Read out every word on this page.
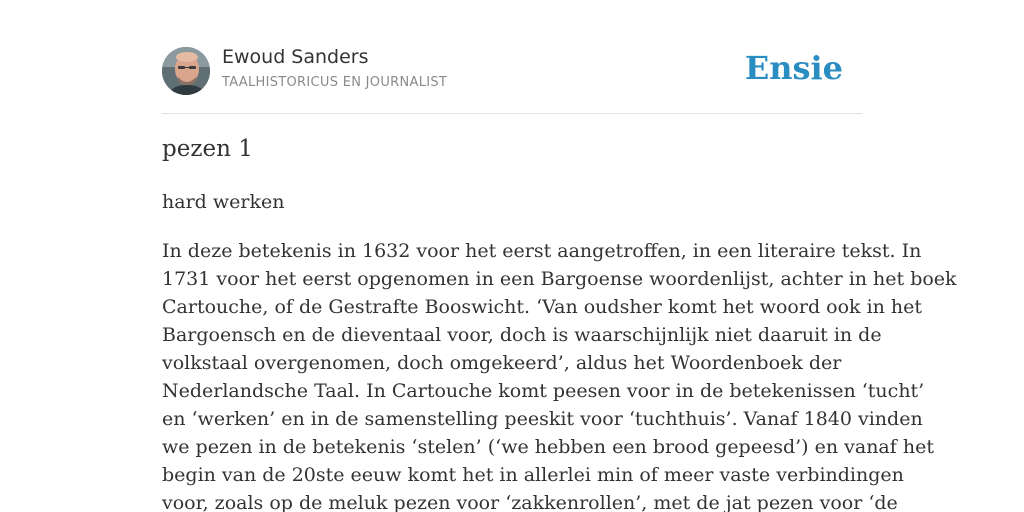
Ewoud Sanders
TAALHISTORICUS EN JOURNALIST	Ensie
pezen 1
hard werken
In deze betekenis in 1632 voor het eerst aangetroffen, in een literaire tekst. In
1731 voor het eerst opgenomen in een Bargoense woordenlijst, achter in het boek
Cartouche, of de Gestrafte Booswicht. ‘Van oudsher komt het woord ook in het
Bargoensch en de dieventaal voor, doch is waarschijnlijk niet daaruit in de
volkstaal overgenomen, doch omgekeerd’, aldus het Woordenboek der
Nederlandsche Taal. In Cartouche komt peesen voor in de betekenissen ‘tucht’
en ‘werken’ en in de samenstelling peeskit voor ‘tuchthuis’. Vanaf 1840 vinden
we pezen in de betekenis ‘stelen’ (‘we hebben een brood gepeesd’) en vanaf het
begin van de 20ste eeuw komt het in allerlei min of meer vaste verbindingen
voor, zoals op de meluk pezen voor ‘zakkenrollen’, met de jat pezen voor ‘de
